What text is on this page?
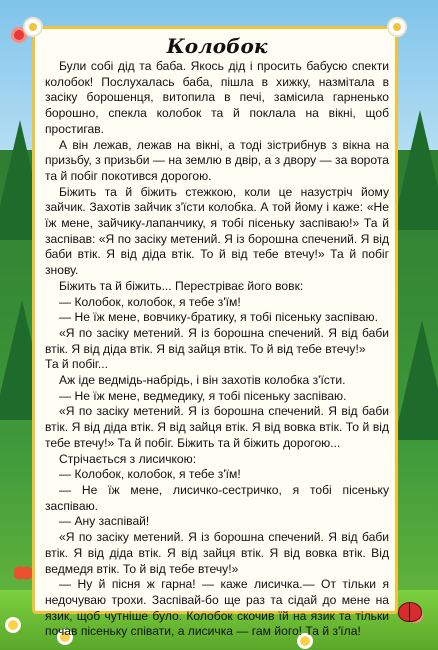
Колобок

Були собі дід та баба. Якось дід і просить бабусю спекти колобок! Послухалась баба, пішла в хижку, назмітала в засіку борошенця, витопила в печі, замісила гарненько борошно, спекла колобок та й поклала на вікні, щоб простигав.

А він лежав, лежав на вікні, а тоді зістрибнув з вікна на призьбу, з призьби — на землю в двір, а з двору — за ворота та й побіг покотився дорогою.

Біжить та й біжить стежкою, коли це назустріч йому зайчик. Захотів зайчик з'їсти колобка. А той йому і каже: «Не їж мене, зайчику-лапанчику, я тобі пісеньку заспіваю!» Та й заспівав: «Я по засіку метений. Я із борошна спечений. Я від баби втік. Я від діда втік. То й від тебе втечу!» Та й побіг знову.

Біжить та й біжить... Перестріває його вовк:

— Колобок, колобок, я тебе з'їм!

— Не їж мене, вовчику-братику, я тобі пісеньку заспіваю.

«Я по засіку метений. Я із борошна спечений. Я від баби втік. Я від діда втік. Я від зайця втік. То й від тебе втечу!»

Та й побіг...

Аж іде ведмідь-набрідь, і він захотів колобка з'їсти.

— Не їж мене, ведмедику, я тобі пісеньку заспіваю.

«Я по засіку метений. Я із борошна спечений. Я від баби втік. Я від діда втік. Я від зайця втік. Я від вовка втік. То й від тебе втечу!» Та й побіг. Біжить та й біжить дорогою...

Стрічається з лисичкою:

— Колобок, колобок, я тебе з'їм!

— Не їж мене, лисичко-сестричко, я тобі пісеньку заспіваю.

— Ану заспівай!

«Я по засіку метений. Я із борошна спечений. Я від баби втік. Я від діда втік. Я від зайця втік. Я від вовка втік. Від ведмедя втік. То й від тебе втечу!»

— Ну й пісня ж гарна! — каже лисичка.— От тільки я недочуваю трохи. Заспівай-бо ще раз та сідай до мене на язик, щоб чутніше було. Колобок скочив їй на язик та тільки почав пісеньку співати, а лисичка — гам його! Та й з'їла!
